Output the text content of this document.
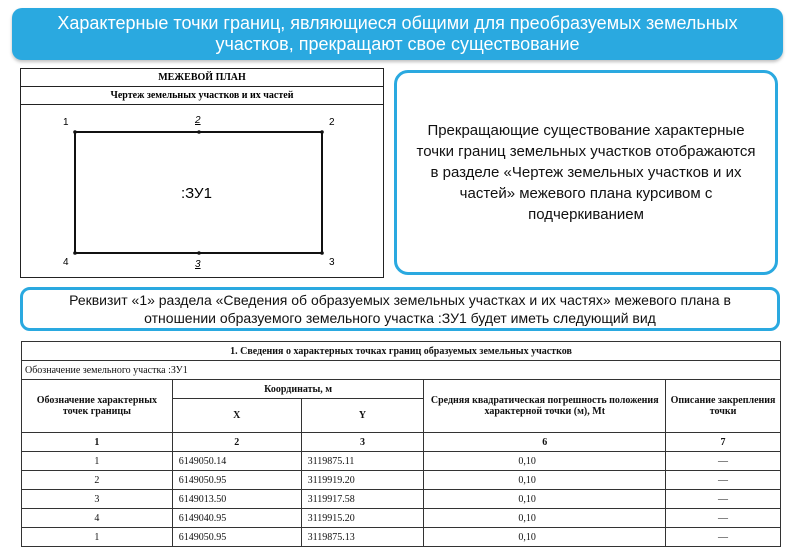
Характерные точки границ, являющиеся общими для преобразуемых земельных участков, прекращают свое существование
МЕЖЕВОЙ ПЛАН
Чертеж земельных участков и их частей
1	2	2
4	3	3
:ЗУ1
Прекращающие существование характерные точки границ земельных участков отображаются в разделе «Чертеж земельных участков и их частей» межевого плана курсивом с подчеркиванием
Реквизит «1» раздела «Сведения об образуемых земельных участках и их частях» межевого плана в отношении образуемого земельного участка :ЗУ1 будет иметь следующий вид
1. Сведения о характерных точках границ образуемых земельных участков				
Обозначение земельного участка :ЗУ1				
Обозначение характерных точек границы	Координаты, м		Средняя квадратическая погрешность положения характерной точки (м), Mt	Описание закрепления точки
	X	Y		
1	2	3	6	7
1	6149050.14	3119875.11	0,10	—
2	6149050.95	3119919.20	0,10	—
3	6149013.50	3119917.58	0,10	—
4	6149040.95	3119915.20	0,10	—
1	6149050.95	3119875.13	0,10	—
